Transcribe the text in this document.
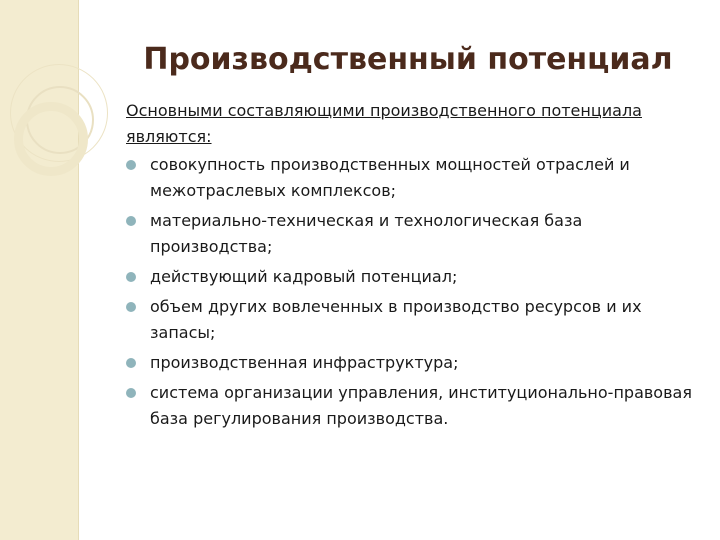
Производственный потенциал

Основными составляющими производственного потенциала являются:

совокупность производственных мощностей отраслей и межотраслевых комплексов;
материально-техническая и технологическая база производства;
действующий кадровый потенциал;
объем других вовлеченных в производство ресурсов и их запасы;
производственная инфраструктура;
система организации управления, институционально-правовая база регулирования производства.
